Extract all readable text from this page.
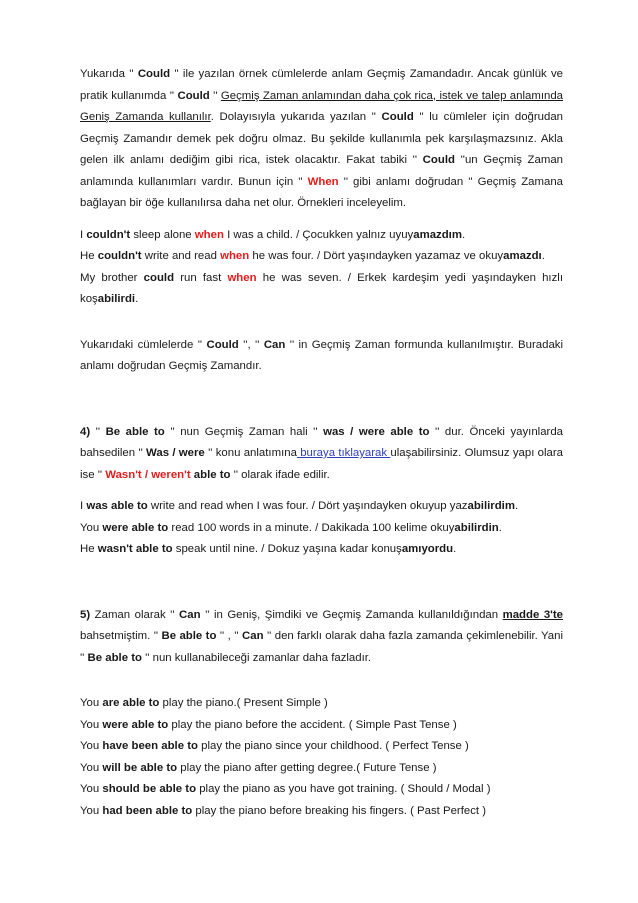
Yukarıda '' Could '' ile yazılan örnek cümlelerde anlam Geçmiş Zamandadır. Ancak günlük ve pratik kullanımda '' Could '' Geçmiş Zaman anlamından daha çok rica, istek ve talep anlamında Geniş Zamanda kullanılır. Dolayısıyla yukarıda yazılan '' Could '' lu cümleler için doğrudan Geçmiş Zamandır demek pek doğru olmaz. Bu şekilde kullanımla pek karşılaşmazsınız. Akla gelen ilk anlamı dediğim gibi rica, istek olacaktır. Fakat tabiki '' Could ''un Geçmiş Zaman anlamında kullanımları vardır. Bunun için '' When '' gibi anlamı doğrudan '' Geçmiş Zamana bağlayan bir öğe kullanılırsa daha net olur. Örnekleri inceleyelim.

I couldn't sleep alone when I was a child. / Çocukken yalnız uyuyamazdım.

He couldn't write and read when he was four. / Dört yaşındayken yazamaz ve okuyamazdı.

My brother could run fast when he was seven. / Erkek kardeşim yedi yaşındayken hızlı koşabilirdi.

Yukarıdaki cümlelerde '' Could '', '' Can '' in Geçmiş Zaman formunda kullanılmıştır. Buradaki anlamı doğrudan Geçmiş Zamandır.

4) '' Be able to '' nun Geçmiş Zaman hali '' was / were able to '' dur. Önceki yayınlarda bahsedilen '' Was / were '' konu anlatımına buraya tıklayarak ulaşabilirsiniz. Olumsuz yapı olara ise '' Wasn't / weren't able to '' olarak ifade edilir.

I was able to write and read when I was four. / Dört yaşındayken okuyup yazabilirdim.

You were able to read 100 words in a minute. / Dakikada 100 kelime okuyabilirdin.

He wasn't able to speak until nine. / Dokuz yaşına kadar konuşamıyordu.

5) Zaman olarak '' Can '' in Geniş, Şimdiki ve Geçmiş Zamanda kullanıldığından madde 3'te bahsetmiştim. '' Be able to '' , '' Can '' den farklı olarak daha fazla zamanda çekimlenebilir. Yani '' Be able to '' nun kullanabileceği zamanlar daha fazladır.

You are able to play the piano.( Present Simple )

You were able to play the piano before the accident. ( Simple Past Tense )

You have been able to play the piano since your childhood. ( Perfect Tense )

You will be able to play the piano after getting degree.( Future Tense )

You should be able to play the piano as you have got training. ( Should / Modal )

You had been able to play the piano before breaking his fingers. ( Past Perfect )
